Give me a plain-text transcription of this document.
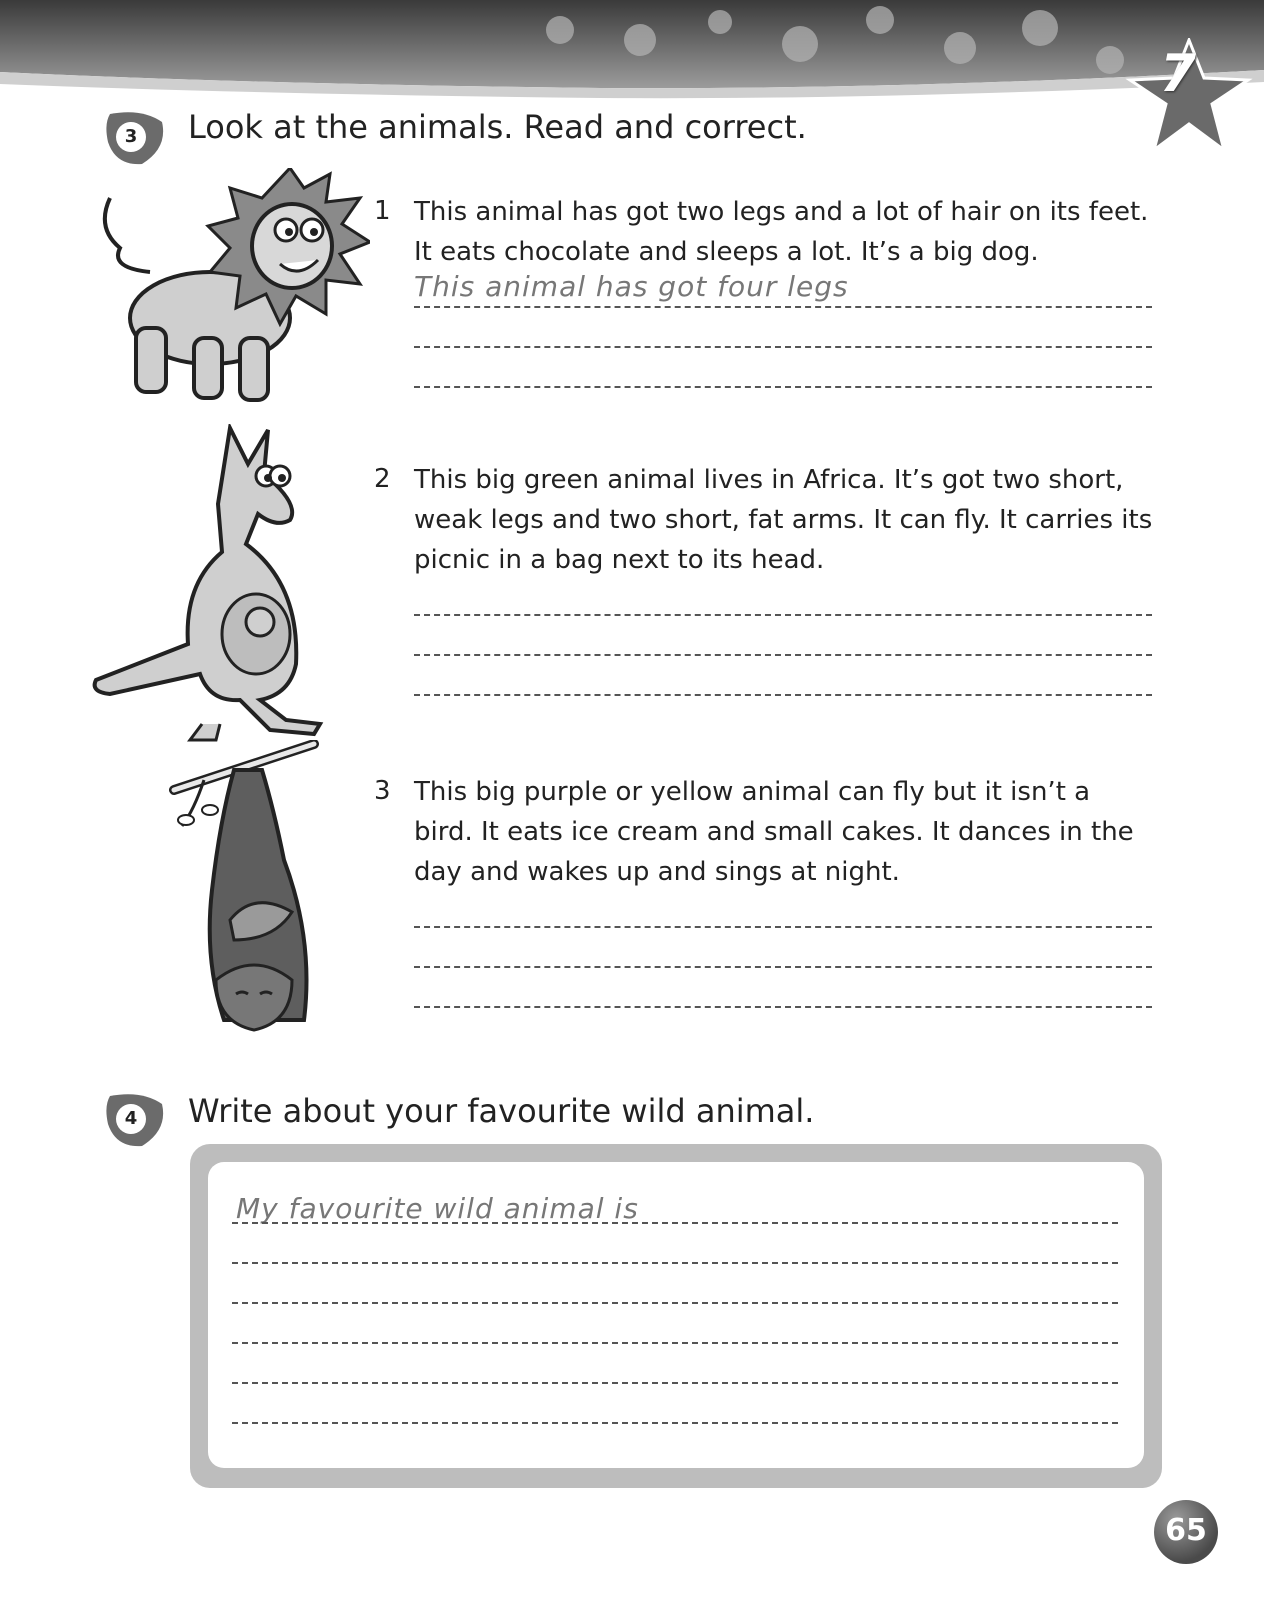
7
3 Look at the animals. Read and correct.
1 This animal has got two legs and a lot of hair on its feet. It eats chocolate and sleeps a lot. It’s a big dog.
This animal has got four legs
2 This big green animal lives in Africa. It’s got two short, weak legs and two short, fat arms. It can fly. It carries its picnic in a bag next to its head.
3 This big purple or yellow animal can fly but it isn’t a bird. It eats ice cream and small cakes. It dances in the day and wakes up and sings at night.
4 Write about your favourite wild animal.
My favourite wild animal is
65
